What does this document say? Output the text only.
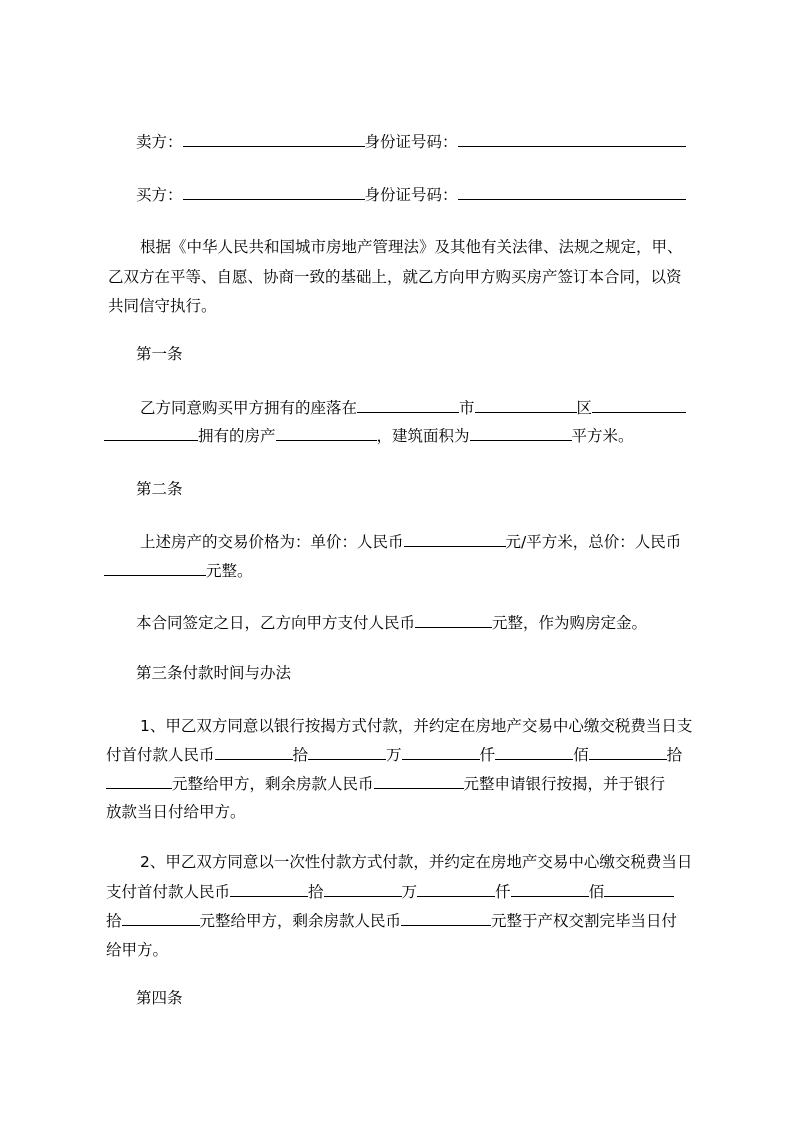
卖方：	身份证号码：
买方：	身份证号码：
根据《中华人民共和国城市房地产管理法》及其他有关法律、法规之规定，甲、
乙双方在平等、自愿、协商一致的基础上，就乙方向甲方购买房产签订本合同，以资
共同信守执行。
第一条
乙方同意购买甲方拥有的座落在	市	区
拥有的房产	，建筑面积为	平方米。
第二条
上述房产的交易价格为：单价：人民币	元/平方米，总价：人民币
元整。
本合同签定之日，乙方向甲方支付人民币	元整，作为购房定金。
第三条付款时间与办法
1、甲乙双方同意以银行按揭方式付款，并约定在房地产交易中心缴交税费当日支
付首付款人民币	拾	万	仟	佰	拾
元整给甲方，剩余房款人民币	元整申请银行按揭，并于银行
放款当日付给甲方。
2、甲乙双方同意以一次性付款方式付款，并约定在房地产交易中心缴交税费当日
支付首付款人民币	拾	万	仟	佰
拾	元整给甲方，剩余房款人民币	元整于产权交割完毕当日付
给甲方。
第四条
